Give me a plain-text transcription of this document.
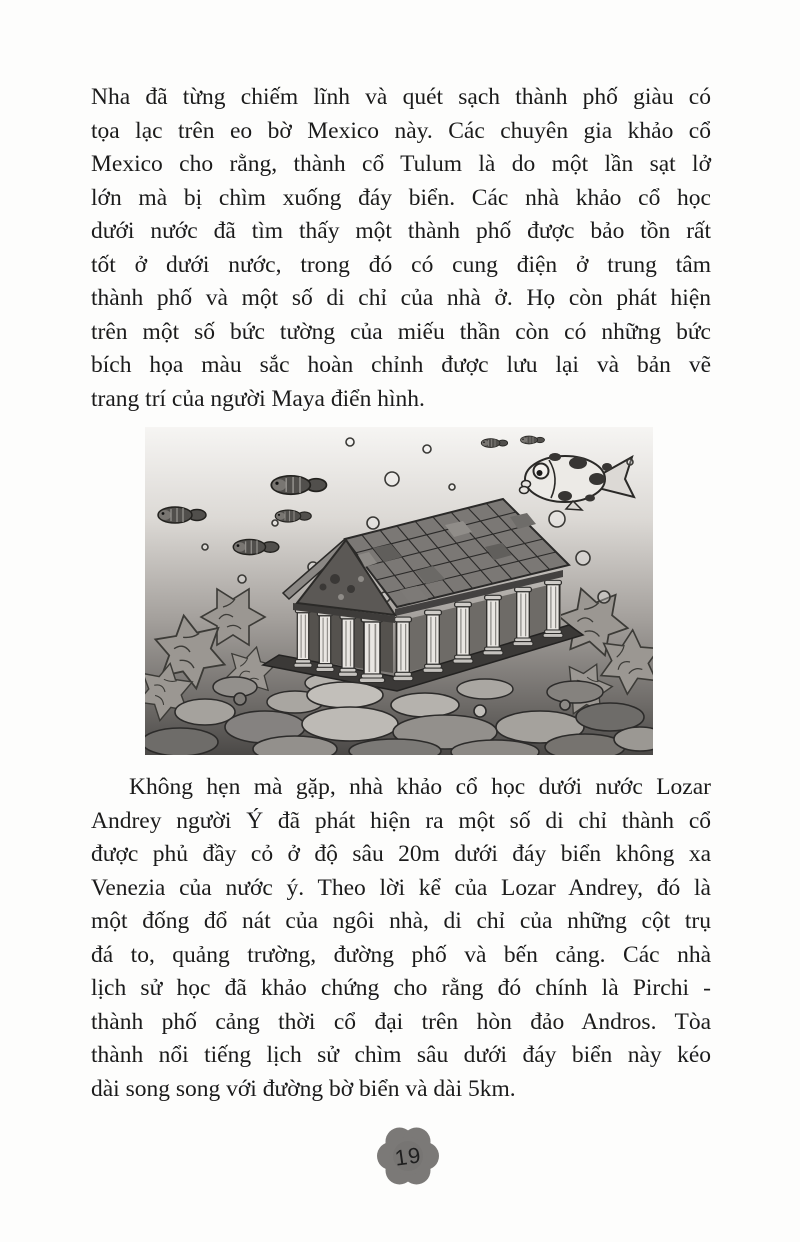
Nha đã từng chiếm lĩnh và quét sạch thành phố giàu có
tọa lạc trên eo bờ Mexico này. Các chuyên gia khảo cổ
Mexico cho rằng, thành cổ Tulum là do một lần sạt lở
lớn mà bị chìm xuống đáy biển. Các nhà khảo cổ học
dưới nước đã tìm thấy một thành phố được bảo tồn rất
tốt ở dưới nước, trong đó có cung điện ở trung tâm
thành phố và một số di chỉ của nhà ở. Họ còn phát hiện
trên một số bức tường của miếu thần còn có những bức
bích họa màu sắc hoàn chỉnh được lưu lại và bản vẽ
trang trí của người Maya điển hình.
Không hẹn mà gặp, nhà khảo cổ học dưới nước Lozar
Andrey người Ý đã phát hiện ra một số di chỉ thành cổ
được phủ đầy cỏ ở độ sâu 20m dưới đáy biển không xa
Venezia của nước ý. Theo lời kể của Lozar Andrey, đó là
một đống đổ nát của ngôi nhà, di chỉ của những cột trụ
đá to, quảng trường, đường phố và bến cảng. Các nhà
lịch sử học đã khảo chứng cho rằng đó chính là Pirchi -
thành phố cảng thời cổ đại trên hòn đảo Andros. Tòa
thành nổi tiếng lịch sử chìm sâu dưới đáy biển này kéo
dài song song với đường bờ biển và dài 5km.
19
